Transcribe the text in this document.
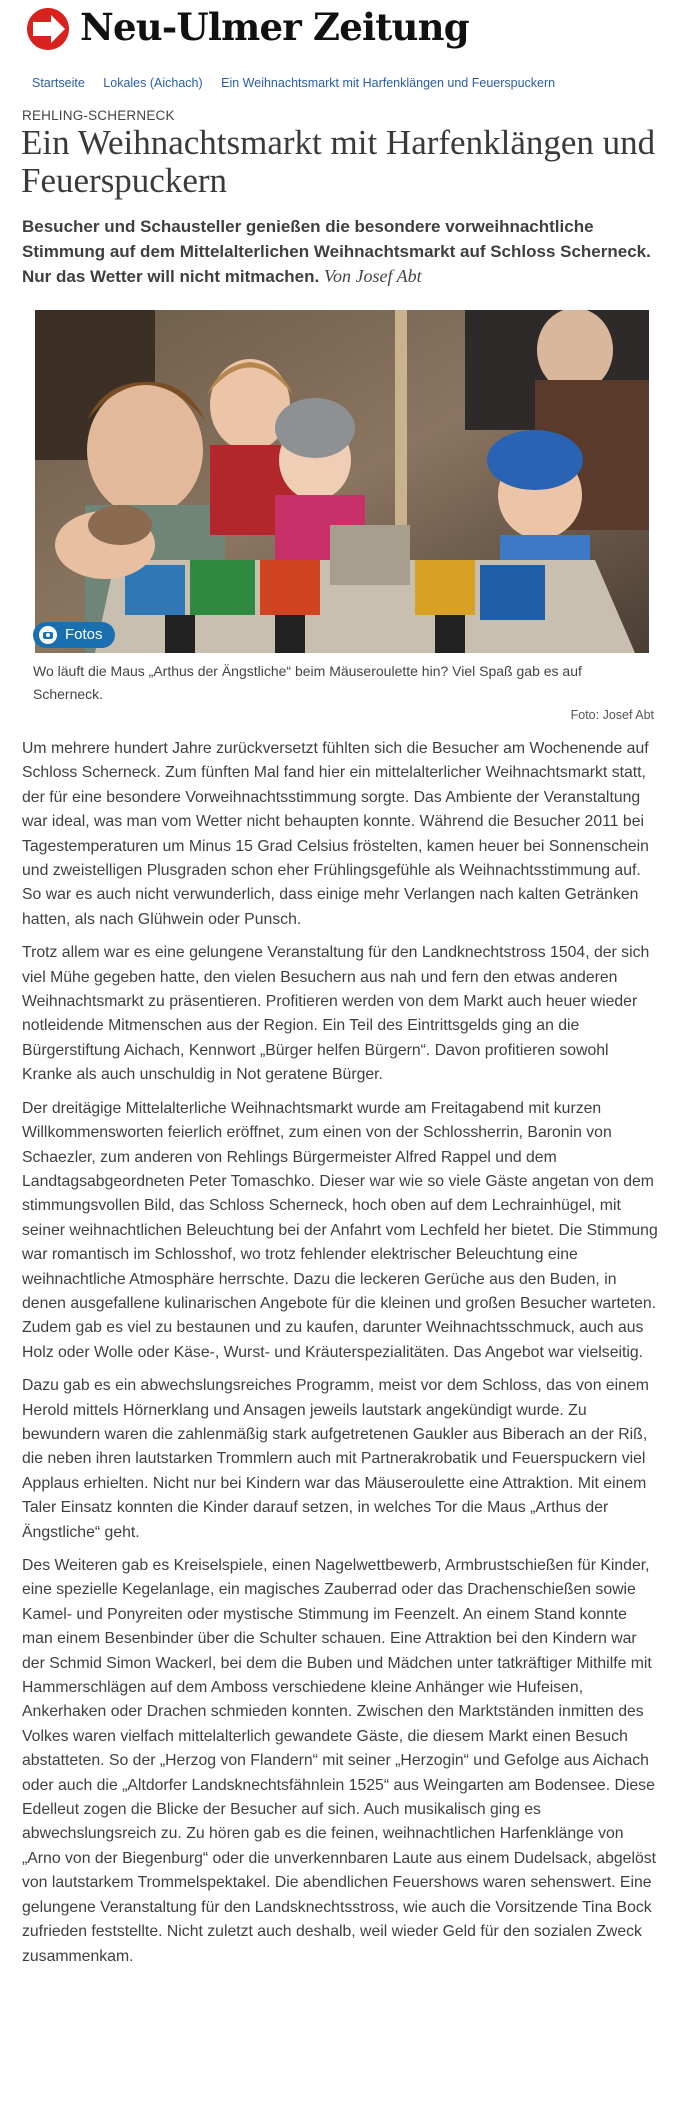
Neu-Ulmer Zeitung
Startseite Lokales (Aichach) Ein Weihnachtsmarkt mit Harfenklängen und Feuerspuckern
REHLING-SCHERNECK
Ein Weihnachtsmarkt mit Harfenklängen und Feuerspuckern
Besucher und Schausteller genießen die besondere vorweihnachtliche Stimmung auf dem Mittelalterlichen Weihnachtsmarkt auf Schloss Scherneck. Nur das Wetter will nicht mitmachen. Von Josef Abt
Fotos
Wo läuft die Maus „Arthus der Ängstliche“ beim Mäuseroulette hin? Viel Spaß gab es auf Scherneck.
Foto: Josef Abt

Um mehrere hundert Jahre zurückversetzt fühlten sich die Besucher am Wochenende auf Schloss Scherneck. Zum fünften Mal fand hier ein mittelalterlicher Weihnachtsmarkt statt, der für eine besondere Vorweihnachtsstimmung sorgte. Das Ambiente der Veranstaltung war ideal, was man vom Wetter nicht behaupten konnte. Während die Besucher 2011 bei Tagestemperaturen um Minus 15 Grad Celsius fröstelten, kamen heuer bei Sonnenschein und zweistelligen Plusgraden schon eher Frühlingsgefühle als Weihnachtsstimmung auf. So war es auch nicht verwunderlich, dass einige mehr Verlangen nach kalten Getränken hatten, als nach Glühwein oder Punsch.

Trotz allem war es eine gelungene Veranstaltung für den Landknechtstross 1504, der sich viel Mühe gegeben hatte, den vielen Besuchern aus nah und fern den etwas anderen Weihnachtsmarkt zu präsentieren. Profitieren werden von dem Markt auch heuer wieder notleidende Mitmenschen aus der Region. Ein Teil des Eintrittsgelds ging an die Bürgerstiftung Aichach, Kennwort „Bürger helfen Bürgern“. Davon profitieren sowohl Kranke als auch unschuldig in Not geratene Bürger.

Der dreitägige Mittelalterliche Weihnachtsmarkt wurde am Freitagabend mit kurzen Willkommensworten feierlich eröffnet, zum einen von der Schlossherrin, Baronin von Schaezler, zum anderen von Rehlings Bürgermeister Alfred Rappel und dem Landtagsabgeordneten Peter Tomaschko. Dieser war wie so viele Gäste angetan von dem stimmungsvollen Bild, das Schloss Scherneck, hoch oben auf dem Lechrainhügel, mit seiner weihnachtlichen Beleuchtung bei der Anfahrt vom Lechfeld her bietet. Die Stimmung war romantisch im Schlosshof, wo trotz fehlender elektrischer Beleuchtung eine weihnachtliche Atmosphäre herrschte. Dazu die leckeren Gerüche aus den Buden, in denen ausgefallene kulinarischen Angebote für die kleinen und großen Besucher warteten. Zudem gab es viel zu bestaunen und zu kaufen, darunter Weihnachtsschmuck, auch aus Holz oder Wolle oder Käse-, Wurst- und Kräuterspezialitäten. Das Angebot war vielseitig.

Dazu gab es ein abwechslungsreiches Programm, meist vor dem Schloss, das von einem Herold mittels Hörnerklang und Ansagen jeweils lautstark angekündigt wurde. Zu bewundern waren die zahlenmäßig stark aufgetretenen Gaukler aus Biberach an der Riß, die neben ihren lautstarken Trommlern auch mit Partnerakrobatik und Feuerspuckern viel Applaus erhielten. Nicht nur bei Kindern war das Mäuseroulette eine Attraktion. Mit einem Taler Einsatz konnten die Kinder darauf setzen, in welches Tor die Maus „Arthus der Ängstliche“ geht.

Des Weiteren gab es Kreiselspiele, einen Nagelwettbewerb, Armbrustschießen für Kinder, eine spezielle Kegelanlage, ein magisches Zauberrad oder das Drachenschießen sowie Kamel- und Ponyreiten oder mystische Stimmung im Feenzelt. An einem Stand konnte man einem Besenbinder über die Schulter schauen. Eine Attraktion bei den Kindern war der Schmid Simon Wackerl, bei dem die Buben und Mädchen unter tatkräftiger Mithilfe mit Hammerschlägen auf dem Amboss verschiedene kleine Anhänger wie Hufeisen, Ankerhaken oder Drachen schmieden konnten. Zwischen den Marktständen inmitten des Volkes waren vielfach mittelalterlich gewandete Gäste, die diesem Markt einen Besuch abstatteten. So der „Herzog von Flandern“ mit seiner „Herzogin“ und Gefolge aus Aichach oder auch die „Altdorfer Landsknechtsfähnlein 1525“ aus Weingarten am Bodensee. Diese Edelleut zogen die Blicke der Besucher auf sich. Auch musikalisch ging es abwechslungsreich zu. Zu hören gab es die feinen, weihnachtlichen Harfenklänge von „Arno von der Biegenburg“ oder die unverkennbaren Laute aus einem Dudelsack, abgelöst von lautstarkem Trommelspektakel. Die abendlichen Feuershows waren sehenswert. Eine gelungene Veranstaltung für den Landsknechtsstross, wie auch die Vorsitzende Tina Bock zufrieden feststellte. Nicht zuletzt auch deshalb, weil wieder Geld für den sozialen Zweck zusammenkam.
